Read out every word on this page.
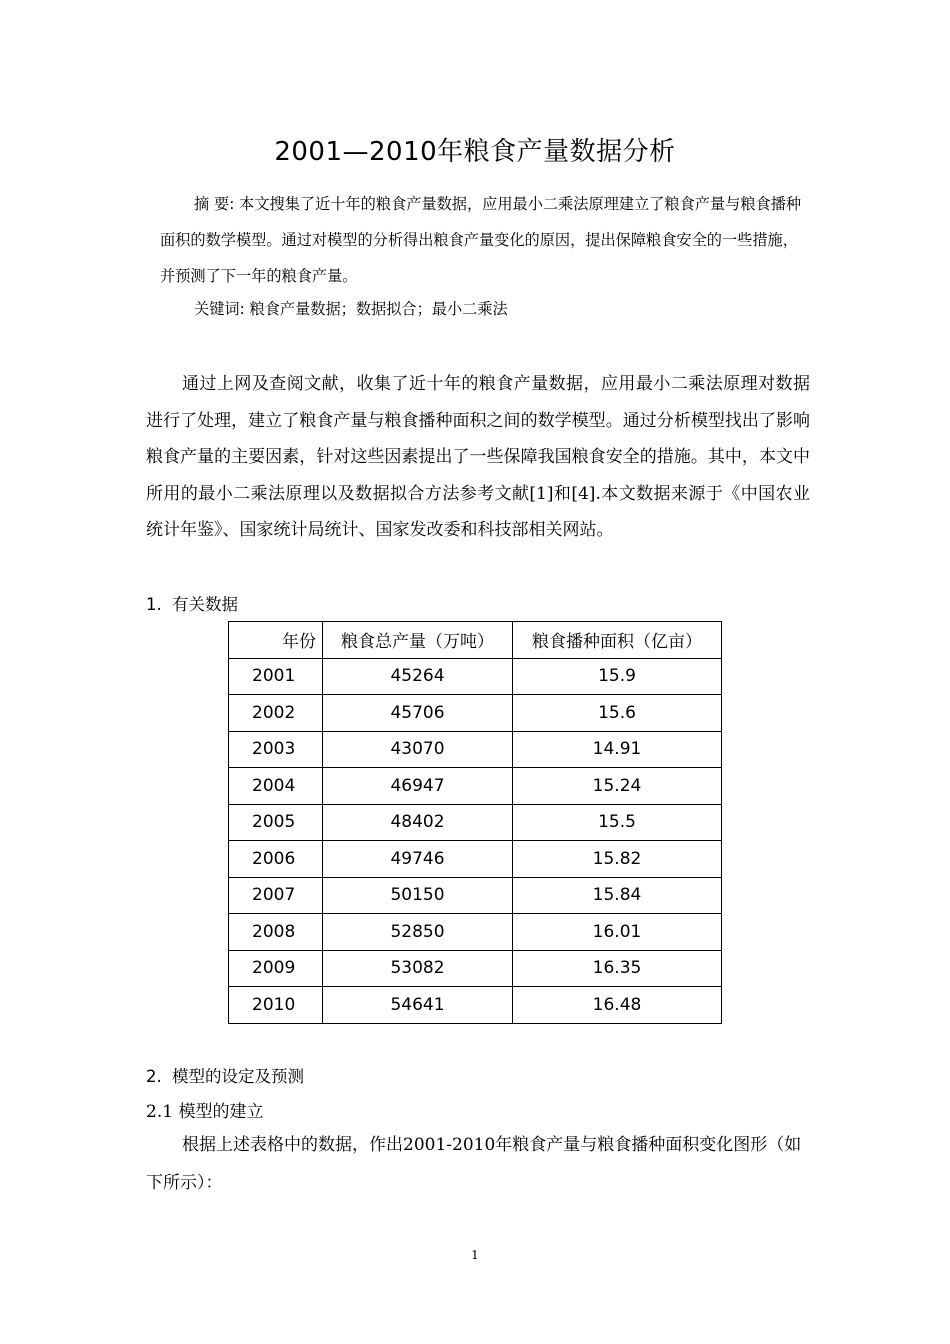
2001—2010年粮食产量数据分析

摘 要: 本文搜集了近十年的粮食产量数据，应用最小二乘法原理建立了粮食产量与粮食播种面积的数学模型。通过对模型的分析得出粮食产量变化的原因，提出保障粮食安全的一些措施，并预测了下一年的粮食产量。

关键词: 粮食产量数据；数据拟合；最小二乘法

通过上网及查阅文献，收集了近十年的粮食产量数据，应用最小二乘法原理对数据进行了处理，建立了粮食产量与粮食播种面积之间的数学模型。通过分析模型找出了影响粮食产量的主要因素，针对这些因素提出了一些保障我国粮食安全的措施。其中，本文中所用的最小二乘法原理以及数据拟合方法参考文献[1]和[4].本文数据来源于《中国农业统计年鉴》、国家统计局统计、国家发改委和科技部相关网站。

1. 有关数据
年份	粮食总产量（万吨）	粮食播种面积（亿亩）
2001	45264	15.9
2002	45706	15.6
2003	43070	14.91
2004	46947	15.24
2005	48402	15.5
2006	49746	15.82
2007	50150	15.84
2008	52850	16.01
2009	53082	16.35
2010	54641	16.48
2. 模型的设定及预测
2.1 模型的建立

根据上述表格中的数据，作出2001-2010年粮食产量与粮食播种面积变化图形（如下所示）：

1
